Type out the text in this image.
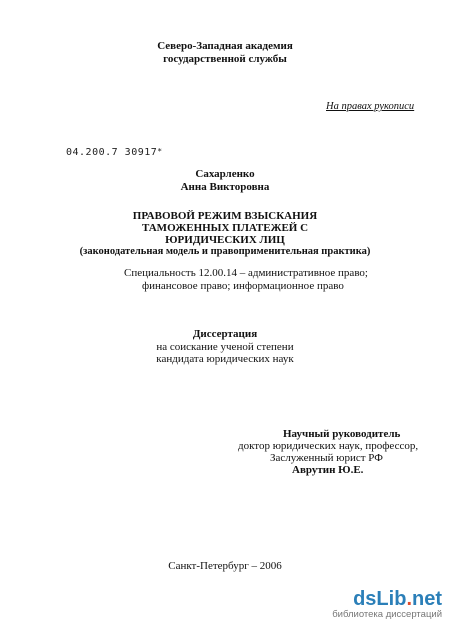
Северо-Западная академия
государственной службы
На правах рукописи
04.200.7 30917*
Сахарленко
Анна Викторовна
ПРАВОВОЙ РЕЖИМ ВЗЫСКАНИЯ
ТАМОЖЕННЫХ ПЛАТЕЖЕЙ С
ЮРИДИЧЕСКИХ ЛИЦ
(законодательная модель и правоприменительная практика)
Специальность 12.00.14 – административное право;
финансовое право; информационное право
Диссертация
на соискание ученой степени
кандидата юридических наук
Научный руководитель
доктор юридических наук, профессор,
Заслуженный юрист РФ
Аврутин Ю.Е.
Санкт-Петербург – 2006
dsLib.net
библиотека диссертаций
